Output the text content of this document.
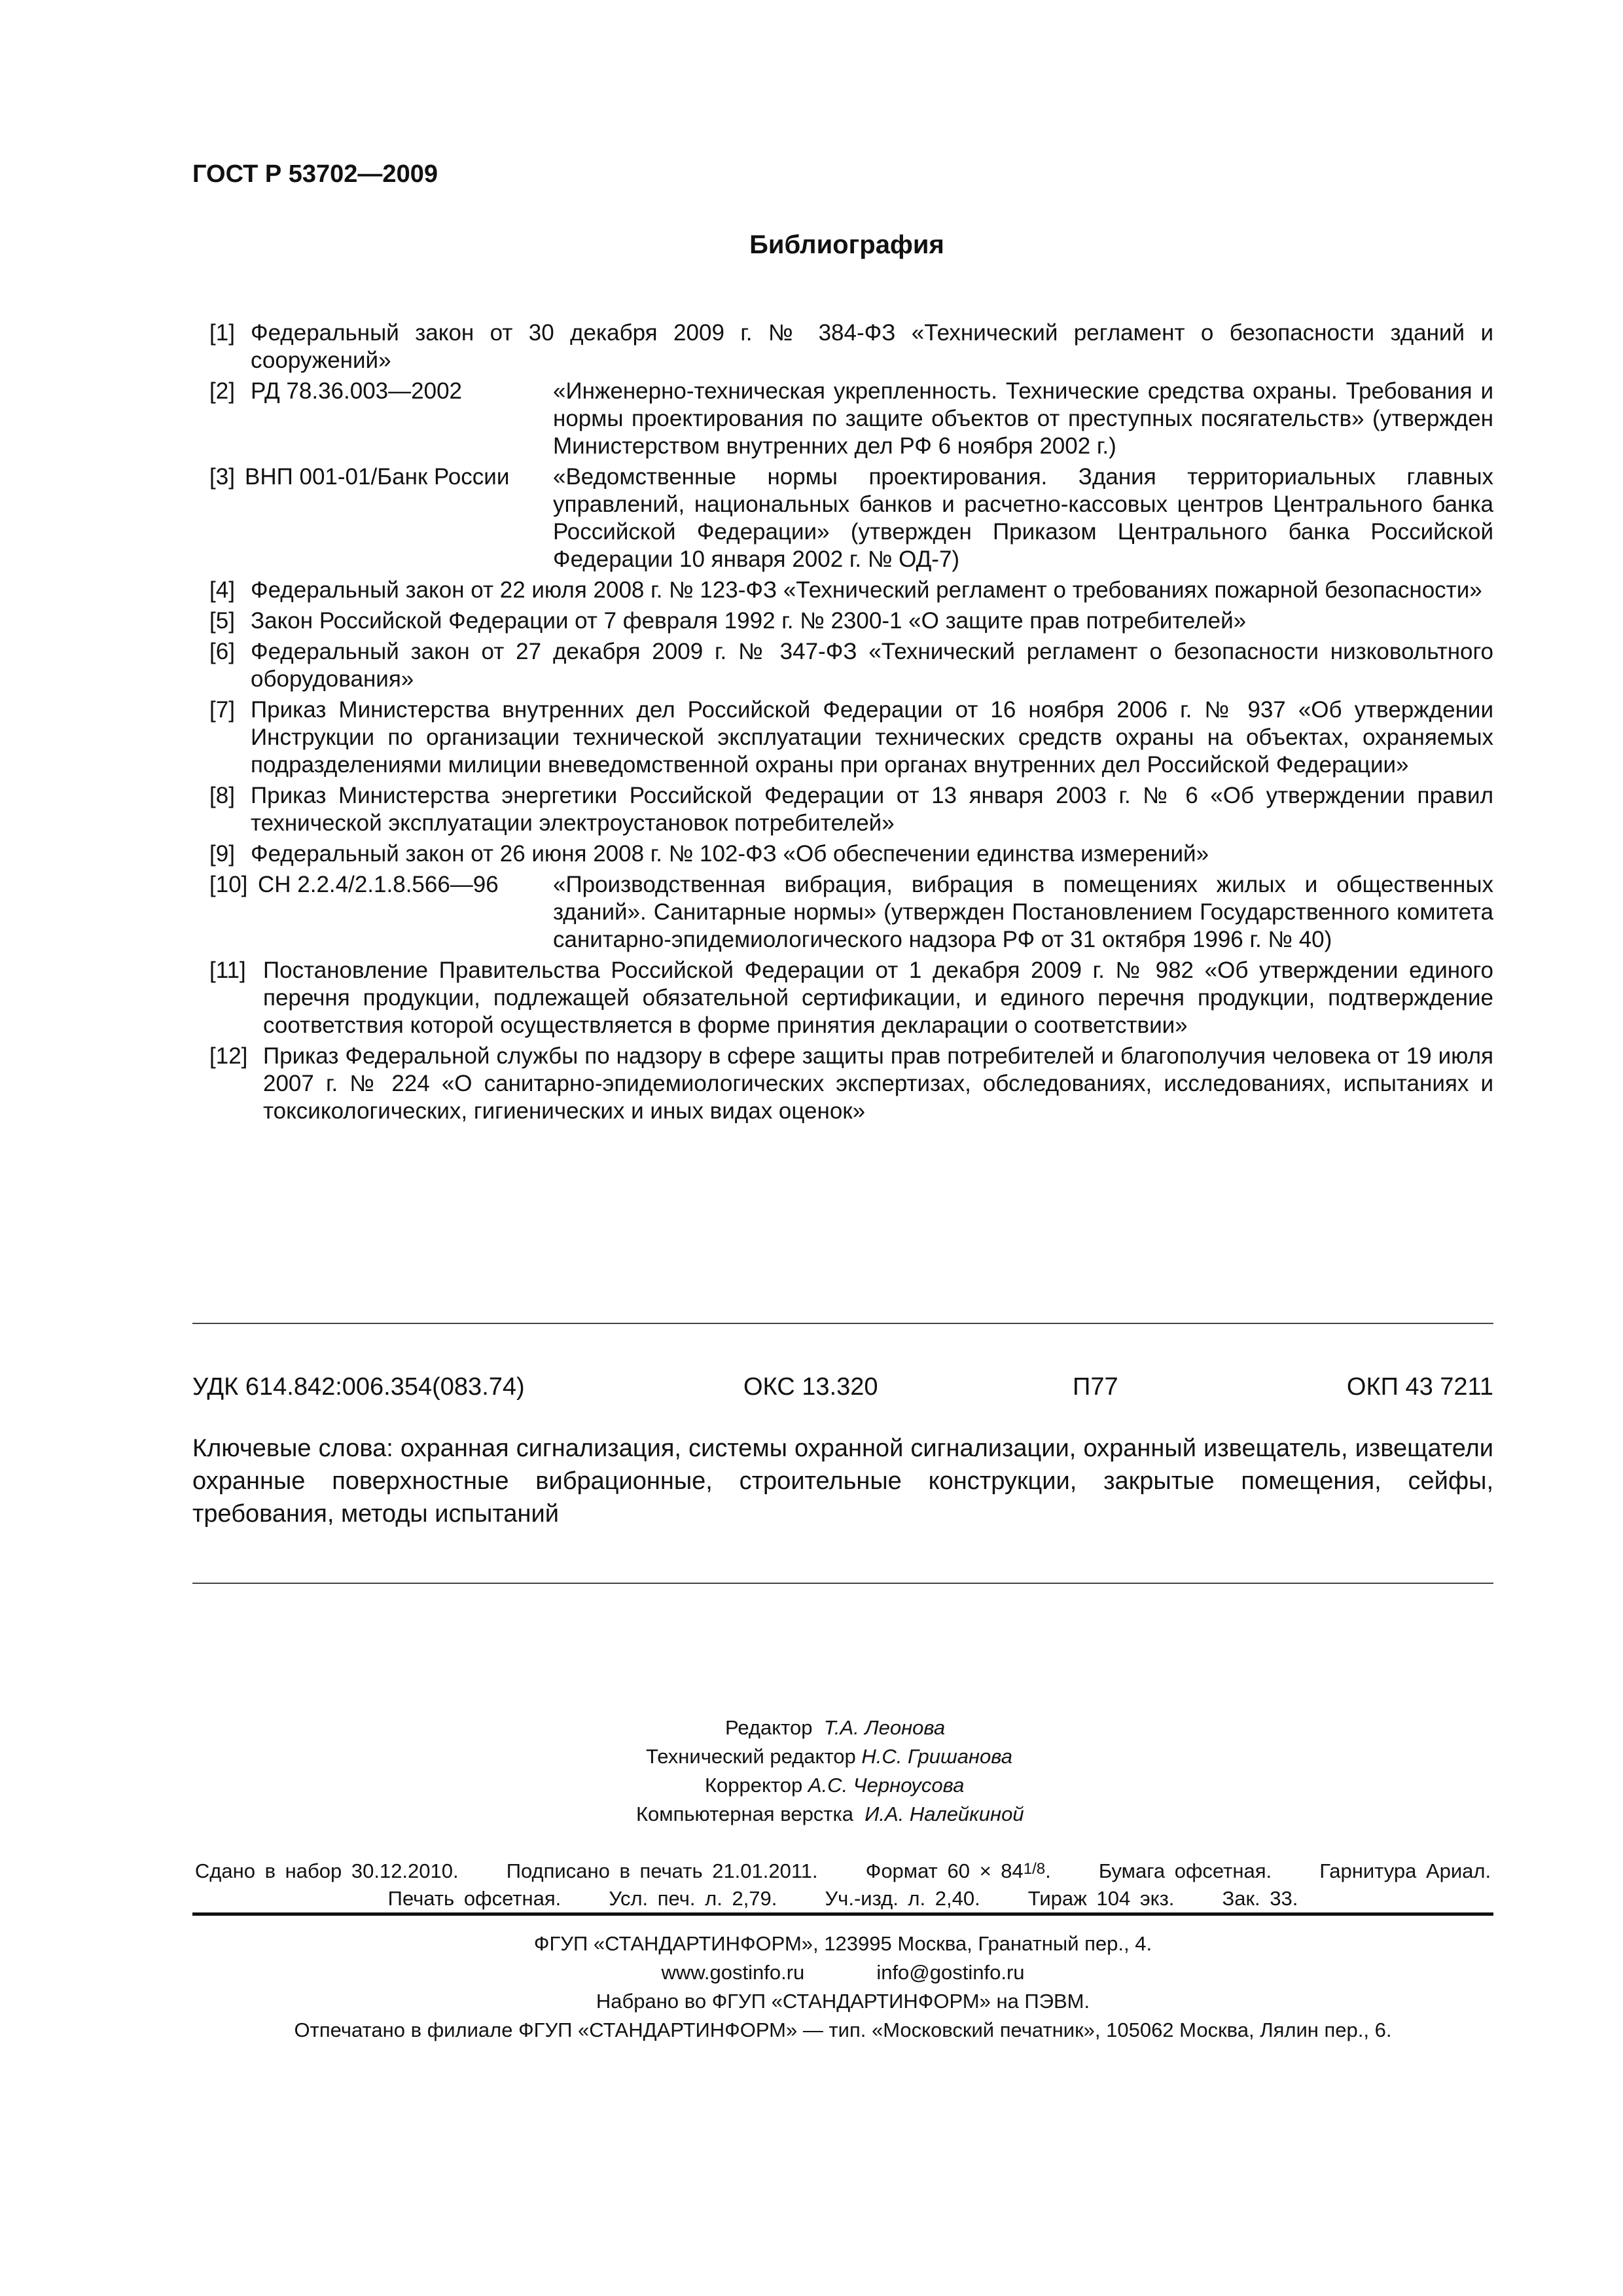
ГОСТ Р 53702—2009
Библиография
[1] Федеральный закон от 30 декабря 2009 г. № 384-ФЗ «Технический регламент о безопасности зданий и сооружений»
[2] РД 78.36.003—2002	«Инженерно-техническая укрепленность. Технические средства охраны. Требования и нормы проектирования по защите объектов от преступных посягательств» (утвержден Министерством внутренних дел РФ 6 ноября 2002 г.)
[3] ВНП 001-01/Банк России	«Ведомственные нормы проектирования. Здания территориальных главных управлений, национальных банков и расчетно-кассовых центров Центрального банка Российской Федерации» (утвержден Приказом Центрального банка Российской Федерации 10 января 2002 г. № ОД-7)
[4] Федеральный закон от 22 июля 2008 г. № 123-ФЗ «Технический регламент о требованиях пожарной безопасности»
[5] Закон Российской Федерации от 7 февраля 1992 г. № 2300-1 «О защите прав потребителей»
[6] Федеральный закон от 27 декабря 2009 г. № 347-ФЗ «Технический регламент о безопасности низковольтного оборудования»
[7] Приказ Министерства внутренних дел Российской Федерации от 16 ноября 2006 г. № 937 «Об утверждении Инструкции по организации технической эксплуатации технических средств охраны на объектах, охраняемых подразделениями милиции вневедомственной охраны при органах внутренних дел Российской Федерации»
[8] Приказ Министерства энергетики Российской Федерации от 13 января 2003 г. № 6 «Об утверждении правил технической эксплуатации электроустановок потребителей»
[9] Федеральный закон от 26 июня 2008 г. № 102-ФЗ «Об обеспечении единства измерений»
[10] СН 2.2.4/2.1.8.566—96	«Производственная вибрация, вибрация в помещениях жилых и общественных зданий». Санитарные нормы» (утвержден Постановлением Государственного комитета санитарно-эпидемиологического надзора РФ от 31 октября 1996 г. № 40)
[11] Постановление Правительства Российской Федерации от 1 декабря 2009 г. № 982 «Об утверждении единого перечня продукции, подлежащей обязательной сертификации, и единого перечня продукции, подтверждение соответствия которой осуществляется в форме принятия декларации о соответствии»
[12] Приказ Федеральной службы по надзору в сфере защиты прав потребителей и благополучия человека от 19 июля 2007 г. № 224 «О санитарно-эпидемиологических экспертизах, обследованиях, исследованиях, испытаниях и токсикологических, гигиенических и иных видах оценок»
УДК 614.842:006.354(083.74)	ОКС 13.320	П77	ОКП 43 7211
Ключевые слова: охранная сигнализация, системы охранной сигнализации, охранный извещатель, извещатели охранные поверхностные вибрационные, строительные конструкции, закрытые помещения, сейфы, требования, методы испытаний
Редактор Т.А. Леонова
Технический редактор Н.С. Гришанова
Корректор А.С. Черноусова
Компьютерная верстка И.А. Налейкиной
Сдано в набор 30.12.2010. Подписано в печать 21.01.2011. Формат 60 × 841/8.     Бумага офсетная. Гарнитура Ариал.
Печать офсетная. Усл. печ. л. 2,79. Уч.-изд. л. 2,40. Тираж 104 экз. Зак. 33.
ФГУП «СТАНДАРТИНФОРМ», 123995 Москва, Гранатный пер., 4.
www.gostinfo.ru	info@gostinfo.ru
Набрано во ФГУП «СТАНДАРТИНФОРМ» на ПЭВМ.
Отпечатано в филиале ФГУП «СТАНДАРТИНФОРМ» — тип. «Московский печатник», 105062 Москва, Лялин пер., 6.
